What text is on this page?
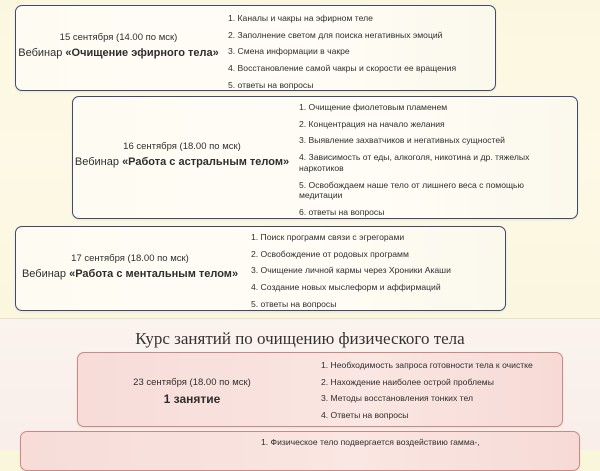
15 сентября (14.00 по мск)
Вебинар «Очищение эфирного тела»
1. Каналы и чакры на эфирном теле
2. Заполнение светом для поиска негативных эмоций
3. Смена информации в чакре
4. Восстановление самой чакры и скорости ее вращения
5. ответы на вопросы
16 сентября (18.00 по мск)
Вебинар «Работа с астральным телом»
1. Очищение фиолетовым пламенем
2. Концентрация на начало желания
3. Выявление захватчиков и негативных сущностей
4. Зависимость от еды, алкоголя, никотина и др. тяжелых наркотиков
5. Освобождаем наше тело от лишнего веса с помощью медитации
6. ответы на вопросы
17 сентября (18.00 по мск)
Вебинар «Работа с ментальным телом»
1. Поиск программ связи с эгрегорами
2. Освобождение от родовых программ
3. Очищение личной кармы через Хроники Акаши
4. Создание новых мыслеформ и аффирмаций
5. ответы на вопросы
Курс занятий по очищению физического тела
23 сентября (18.00 по мск)
1 занятие
1. Необходимость запроса готовности тела к очистке
2. Нахождение наиболее острой проблемы
3. Методы восстановления тонких тел
4. Ответы на вопросы
1. Физическое тело подвергается воздействию гамма-,
